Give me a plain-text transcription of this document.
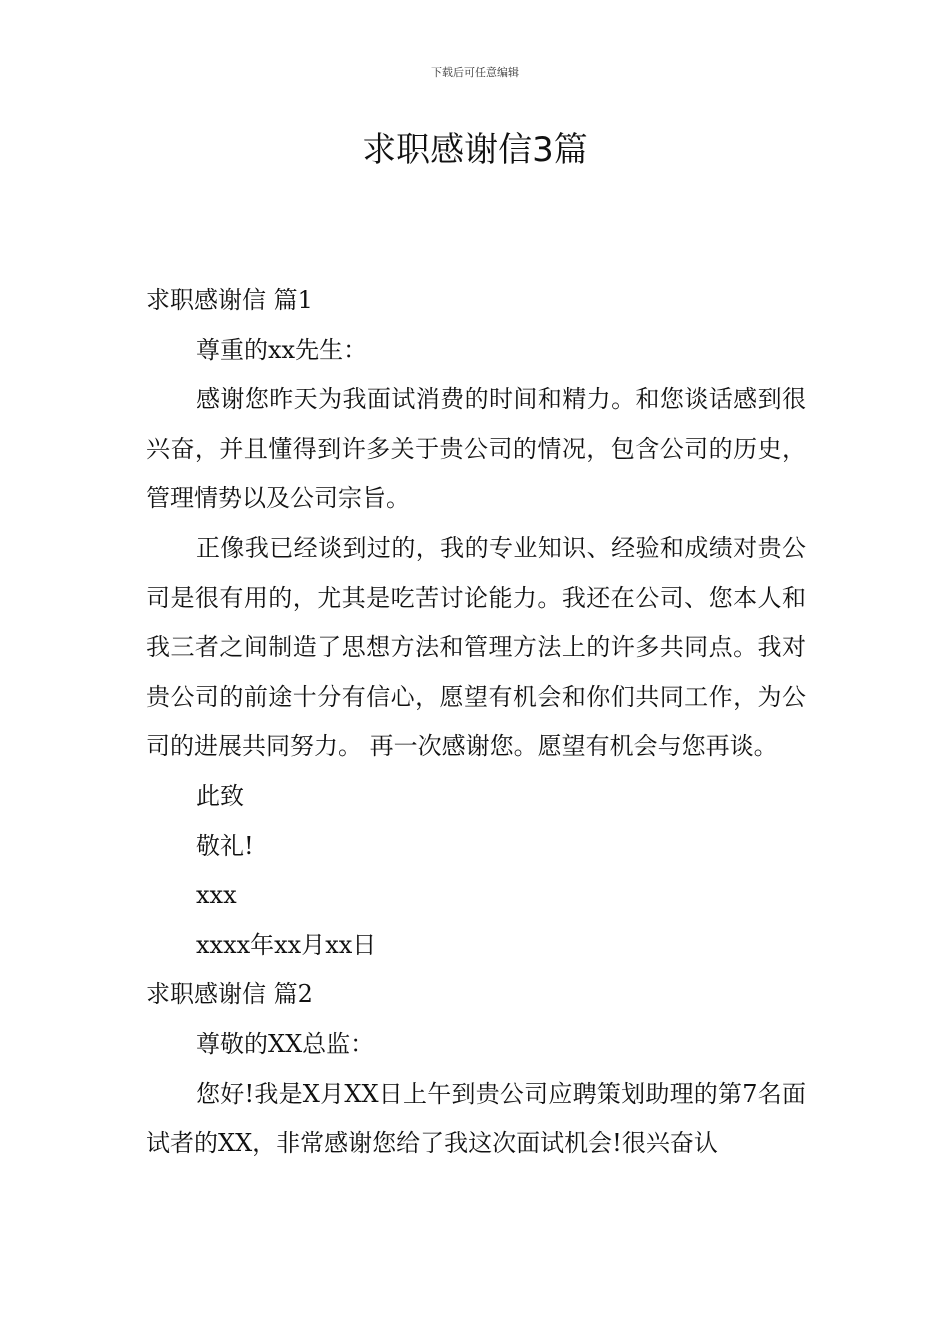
下载后可任意编辑
求职感谢信3篇

求职感谢信 篇1

尊重的xx先生：

感谢您昨天为我面试消费的时间和精力。和您谈话感到很兴奋，并且懂得到许多关于贵公司的情况，包含公司的历史，管理情势以及公司宗旨。

正像我已经谈到过的，我的专业知识、经验和成绩对贵公司是很有用的，尤其是吃苦讨论能力。我还在公司、您本人和我三者之间制造了思想方法和管理方法上的许多共同点。我对贵公司的前途十分有信心，愿望有机会和你们共同工作，为公司的进展共同努力。 再一次感谢您。愿望有机会与您再谈。

此致

敬礼!

xxx

xxxx年xx月xx日

求职感谢信 篇2

尊敬的XX总监：

您好!我是X月XX日上午到贵公司应聘策划助理的第7名面试者的XX，非常感谢您给了我这次面试机会!很兴奋认
